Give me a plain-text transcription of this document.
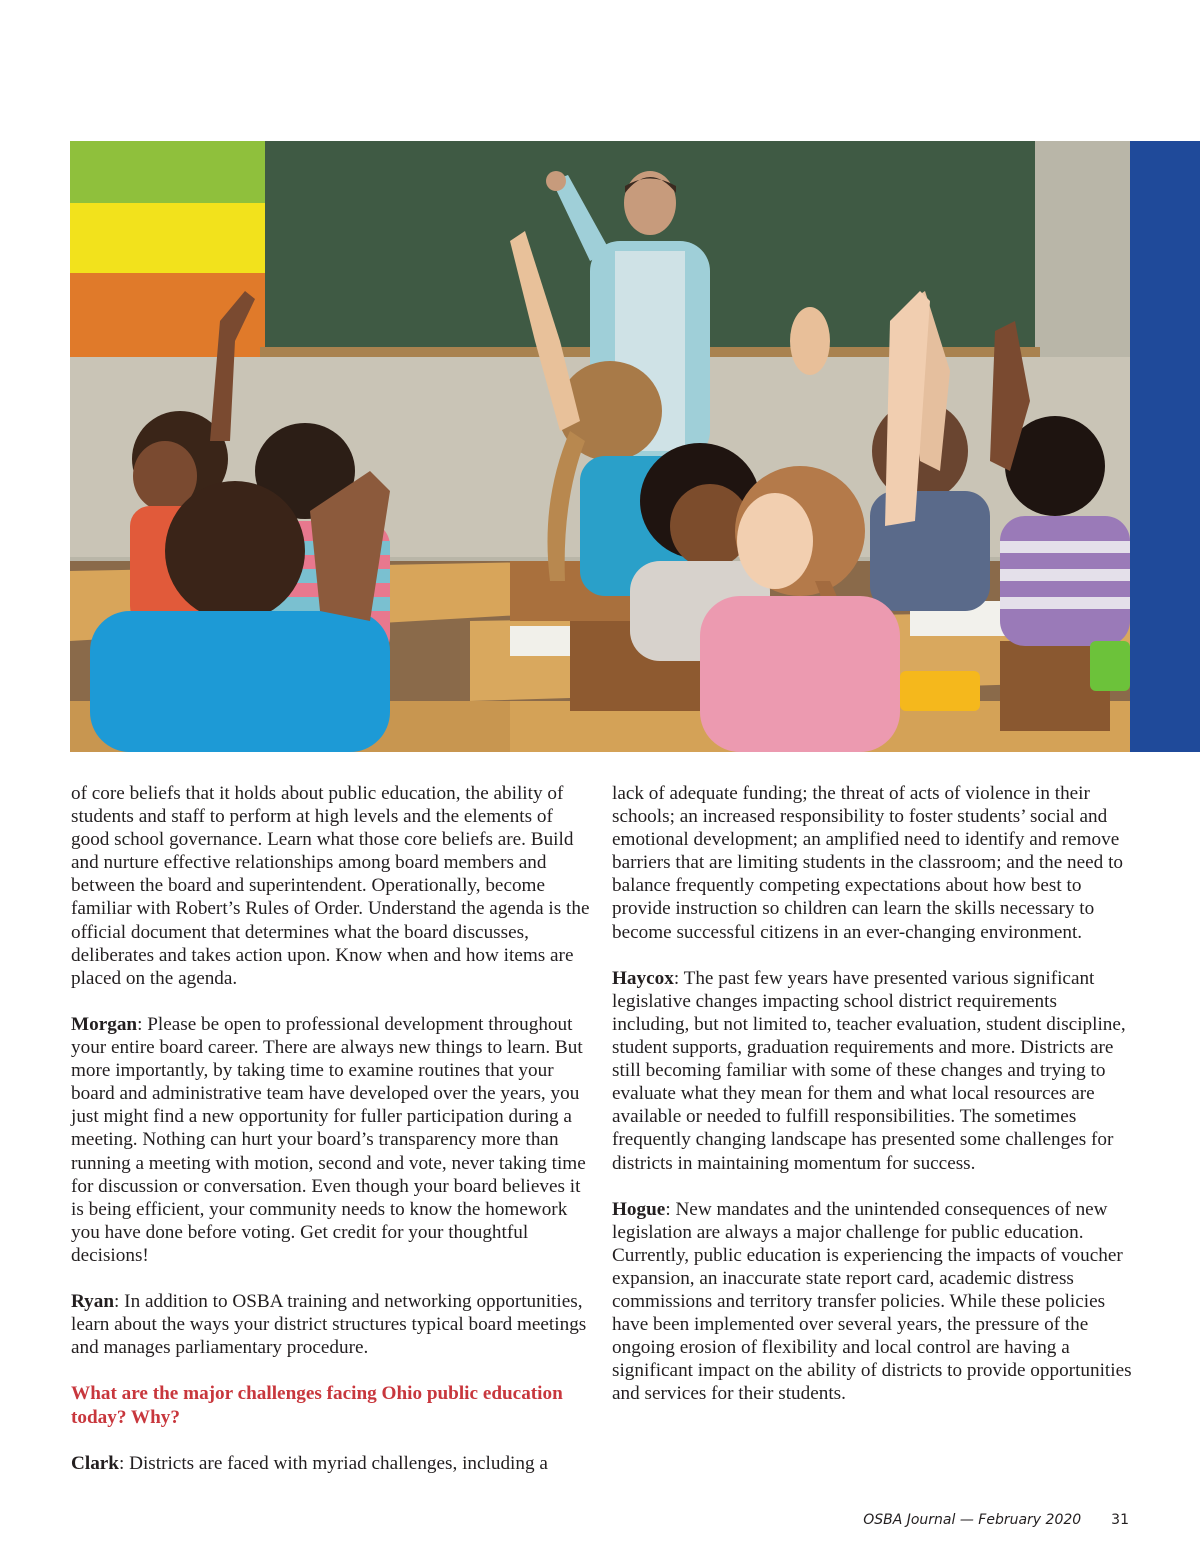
of core beliefs that it holds about public education, the ability of students and staff to perform at high levels and the elements of good school governance. Learn what those core beliefs are. Build and nurture effective relationships among board members and between the board and superintendent. Operationally, become familiar with Robert’s Rules of Order. Understand the agenda is the official document that determines what the board discusses, deliberates and takes action upon. Know when and how items are placed on the agenda.

Morgan: Please be open to professional development throughout your entire board career. There are always new things to learn. But more importantly, by taking time to examine routines that your board and administrative team have developed over the years, you just might find a new opportunity for fuller participation during a meeting. Nothing can hurt your board’s transparency more than running a meeting with motion, second and vote, never taking time for discussion or conversation. Even though your board believes it is being efficient, your community needs to know the homework you have done before voting. Get credit for your thoughtful decisions!

Ryan: In addition to OSBA training and networking opportunities, learn about the ways your district structures typical board meetings and manages parliamentary procedure.

What are the major challenges facing Ohio public education today? Why?

Clark: Districts are faced with myriad challenges, including a

lack of adequate funding; the threat of acts of violence in their schools; an increased responsibility to foster students’ social and emotional development; an amplified need to identify and remove barriers that are limiting students in the classroom; and the need to balance frequently competing expectations about how best to provide instruction so children can learn the skills necessary to become successful citizens in an ever-changing environment.

Haycox: The past few years have presented various significant legislative changes impacting school district requirements including, but not limited to, teacher evaluation, student discipline, student supports, graduation requirements and more. Districts are still becoming familiar with some of these changes and trying to evaluate what they mean for them and what local resources are available or needed to fulfill responsibilities. The sometimes frequently changing landscape has presented some challenges for districts in maintaining momentum for success.

Hogue: New mandates and the unintended consequences of new legislation are always a major challenge for public education. Currently, public education is experiencing the impacts of voucher expansion, an inaccurate state report card, academic distress commissions and territory transfer policies. While these policies have been implemented over several years, the pressure of the ongoing erosion of flexibility and local control are having a significant impact on the ability of districts to provide opportunities and services for their students.

OSBA Journal — February 2020 31
